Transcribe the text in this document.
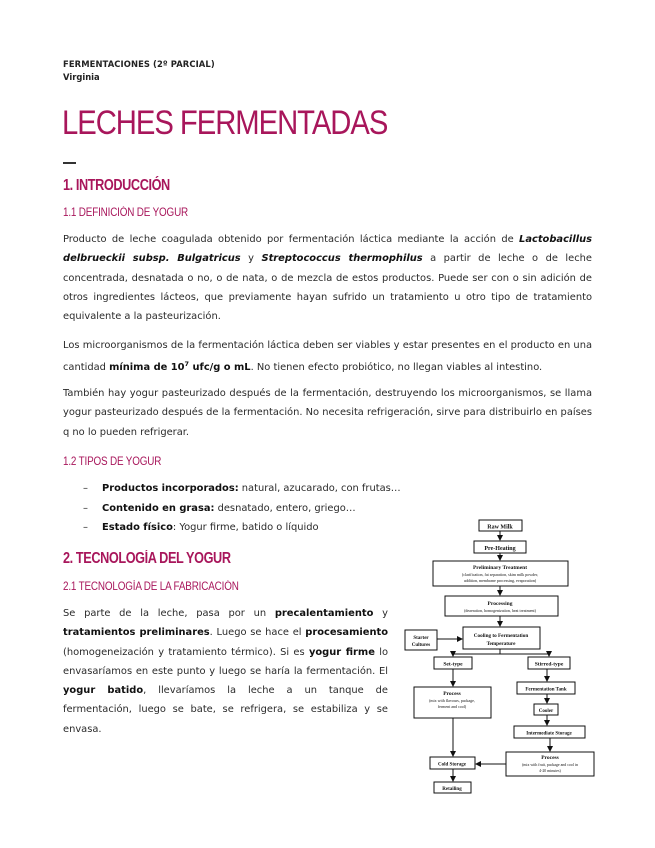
FERMENTACIONES (2º PARCIAL)
Virginia
LECHES FERMENTADAS
1. INTRODUCCIÓN
1.1 DEFINICIÓN DE YOGUR
Producto de leche coagulada obtenido por fermentación láctica mediante la acción de Lactobacillus delbrueckii subsp. Bulgatricus y Streptococcus thermophilus a partir de leche o de leche concentrada, desnatada o no, o de nata, o de mezcla de estos productos. Puede ser con o sin adición de otros ingredientes lácteos, que previamente hayan sufrido un tratamiento u otro tipo de tratamiento equivalente a la pasteurización.
Los microorganismos de la fermentación láctica deben ser viables y estar presentes en el producto en una cantidad mínima de $10^7$ ufc/g o mL. No tienen efecto probiótico, no llegan viables al intestino.
También hay yogur pasteurizado después de la fermentación, destruyendo los microorganismos, se llama yogur pasteurizado después de la fermentación. No necesita refrigeración, sirve para distribuirlo en países q no lo pueden refrigerar.
1.2 TIPOS DE YOGUR
– Productos incorporados: natural, azucarado, con frutas…
– Contenido en grasa: desnatado, entero, griego…
– Estado físico: Yogur firme, batido o líquido
2. TECNOLOGÍA DEL YOGUR
2.1 TECNOLOGÍA DE LA FABRICACIÓN
Se parte de la leche, pasa por un precalentamiento y tratamientos preliminares. Luego se hace el procesamiento (homogeneización y tratamiento térmico). Si es yogur firme lo envasaríamos en este punto y luego se haría la fermentación. El yogur batido, llevaríamos la leche a un tanque de fermentación, luego se bate, se refrigera, se estabiliza y se envasa.
Raw Milk
Pre-Heating
Preliminary Treatment
(clarification, fat separation, skim milk powder,
addition, membrane processing, evaporation)
Processing
(deaeration, homogenization, heat treatment)
Starter
Cultures
Cooling to Fermentation
Temperature
Set-type	Stirred-type
Process
(mix with flavours, package,
ferment and cool)
Fermentation Tank
Cooler
Intermediate Storage
Process
(mix with fruit, package and cool in
4-20 minutes)
Cold Storage
Retailing
